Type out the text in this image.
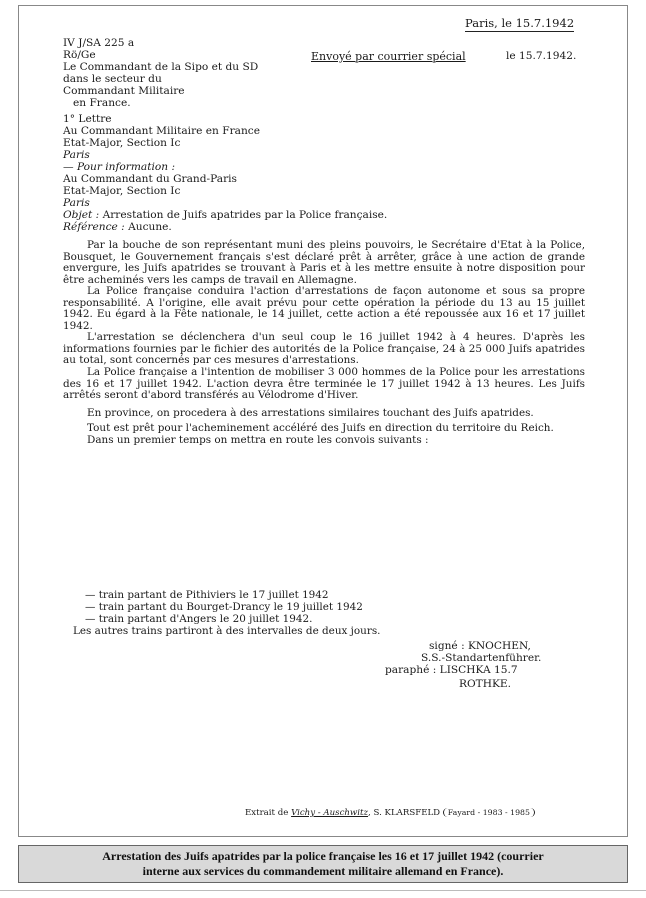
Paris, le 15.7.1942
IV J/SA 225 a
Rö/Ge	Envoyé par courrier spécial	le 15.7.1942.
Le Commandant de la Sipo et du SD
dans le secteur du
Commandant Militaire
en France.
1° Lettre
Au Commandant Militaire en France
Etat-Major, Section Ic
Paris
— Pour information :
Au Commandant du Grand-Paris
Etat-Major, Section Ic
Paris
Objet : Arrestation de Juifs apatrides par la Police française.
Référence : Aucune.

Par la bouche de son représentant muni des pleins pouvoirs, le Secrétaire d'Etat à la Police, Bousquet, le Gouvernement français s'est déclaré prêt à arrêter, grâce à une action de grande envergure, les Juifs apatrides se trouvant à Paris et à les mettre ensuite à notre disposition pour être acheminés vers les camps de travail en Allemagne.

La Police française conduira l'action d'arrestations de façon autonome et sous sa propre responsabilité. A l'origine, elle avait prévu pour cette opération la période du 13 au 15 juillet 1942. Eu égard à la Fête nationale, le 14 juillet, cette action a été repoussée aux 16 et 17 juillet 1942.

L'arrestation se déclenchera d'un seul coup le 16 juillet 1942 à 4 heures. D'après les informations fournies par le fichier des autorités de la Police française, 24 à 25 000 Juifs apatrides au total, sont concernés par ces mesures d'arrestations.

La Police française a l'intention de mobiliser 3 000 hommes de la Police pour les arrestations des 16 et 17 juillet 1942. L'action devra être terminée le 17 juillet 1942 à 13 heures. Les Juifs arrêtés seront d'abord transférés au Vélodrome d'Hiver.

En province, on procedera à des arrestations similaires touchant des Juifs apatrides.

Tout est prêt pour l'acheminement accéléré des Juifs en direction du territoire du Reich.

Dans un premier temps on mettra en route les convois suivants :

— train partant de Pithiviers le 17 juillet 1942
— train partant du Bourget-Drancy le 19 juillet 1942
— train partant d'Angers le 20 juillet 1942.
Les autres trains partiront à des intervalles de deux jours.
signé : KNOCHEN,
S.S.-Standartenführer.
paraphé : LISCHKA 15.7
ROTHKE.
Extrait de Vichy - Auschwitz, S. KLARSFELD Fayard - 1983 - 1985
Arrestation des Juifs apatrides par la police française les 16 et 17 juillet 1942 (courrier
interne aux services du commandement militaire allemand en France).
